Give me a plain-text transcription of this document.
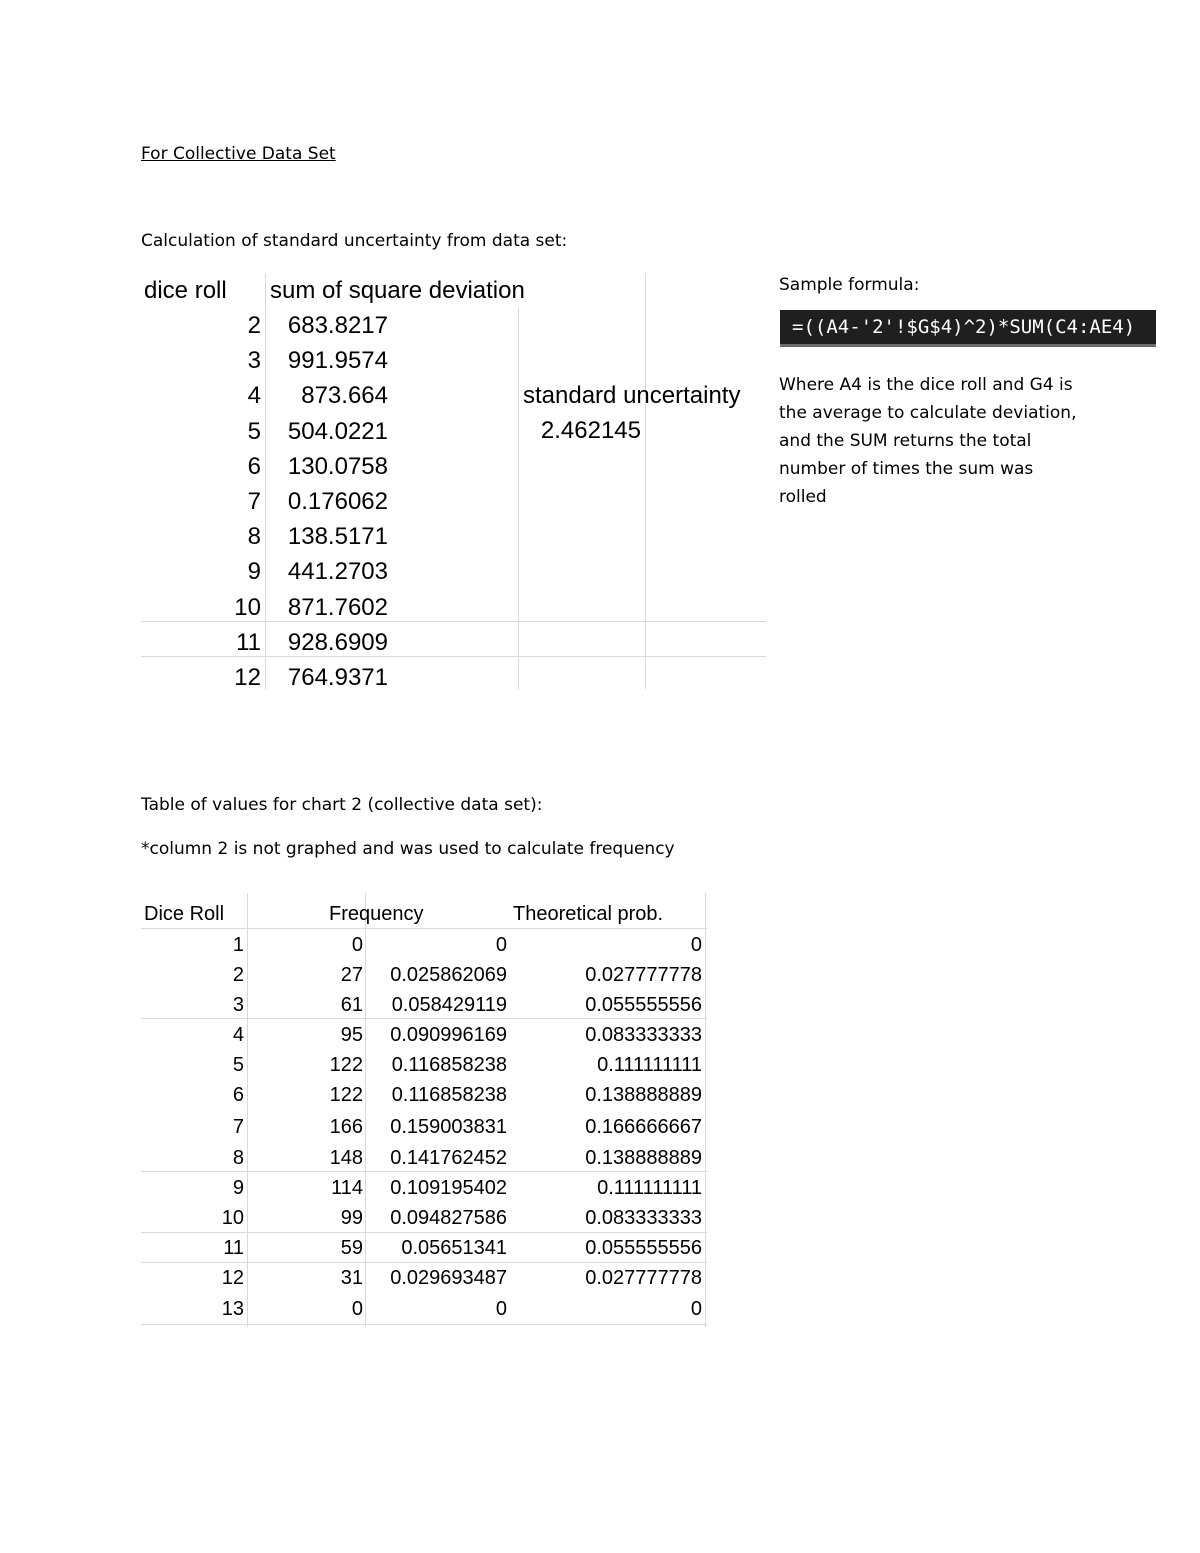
For Collective Data Set
Calculation of standard uncertainty from data set:
dice roll sum of square deviation
2 683.8217
3 991.9574
4	873.664
5 504.0221
6 130.0758
7 0.176062
8 138.5171
9 441.2703
10 871.7602
11 928.6909
12 764.9371
standard uncertainty
2.462145
Sample formula:
=((A4-'2'!$G$4)^2)*SUM(C4:AE4)
Where A4 is the dice roll and G4 is the average to calculate deviation, and the SUM returns the total number of times the sum was rolled
Table of values for chart 2 (collective data set):
*column 2 is not graphed and was used to calculate frequency
Dice Roll	Frequency	Theoretical prob.
1	0	0	0
2	27	0.025862069	0.027777778
3	61	0.058429119	0.055555556
4	95	0.090996169	0.083333333
5	122	0.116858238	0.111111111
6	122	0.116858238	0.138888889
7	166	0.159003831	0.166666667
8	148	0.141762452	0.138888889
9	114	0.109195402	0.111111111
10	99	0.094827586	0.083333333
11	59	0.05651341	0.055555556
12	31	0.029693487	0.027777778
13	0	0	0
